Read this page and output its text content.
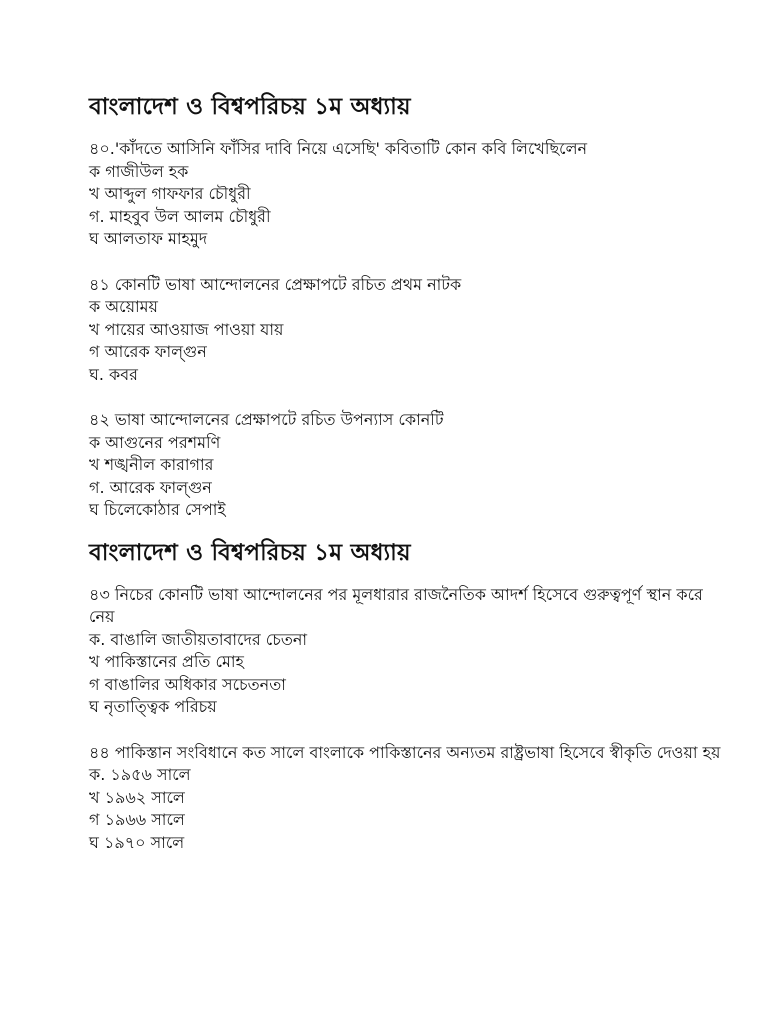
বাংলাদেশ ও বিশ্বপরিচয় ১ম অধ্যায়
৪০.'কাঁদতে আসিনি ফাঁসির দাবি নিয়ে এসেছি' কবিতাটি কোন কবি লিখেছিলেন
ক গাজীউল হক
খ আব্দুল গাফফার চৌধুরী
গ. মাহবুব উল আলম চৌধুরী
ঘ আলতাফ মাহমুদ
৪১ কোনটি ভাষা আন্দোলনের প্রেক্ষাপটে রচিত প্রথম নাটক
ক অয়োময়
খ পায়ের আওয়াজ পাওয়া যায়
গ আরেক ফাল্গুন
ঘ. কবর
৪২ ভাষা আন্দোলনের প্রেক্ষাপটে রচিত উপন্যাস কোনটি
ক আগুনের পরশমণি
খ শঙ্খনীল কারাগার
গ. আরেক ফাল্গুন
ঘ চিলেকোঠার সেপাই
বাংলাদেশ ও বিশ্বপরিচয় ১ম অধ্যায়
৪৩ নিচের কোনটি ভাষা আন্দোলনের পর মূলধারার রাজনৈতিক আদর্শ হিসেবে গুরুত্বপূর্ণ স্থান করে নেয়
ক. বাঙালি জাতীয়তাবাদের চেতনা
খ পাকিস্তানের প্রতি মোহ
গ বাঙালির অধিকার সচেতনতা
ঘ নৃতাত্ত্বিক পরিচয়
৪৪ পাকিস্তান সংবিধানে কত সালে বাংলাকে পাকিস্তানের অন্যতম রাষ্ট্রভাষা হিসেবে স্বীকৃতি দেওয়া হয়
ক. ১৯৫৬ সালে
খ ১৯৬২ সালে
গ ১৯৬৬ সালে
ঘ ১৯৭০ সালে
